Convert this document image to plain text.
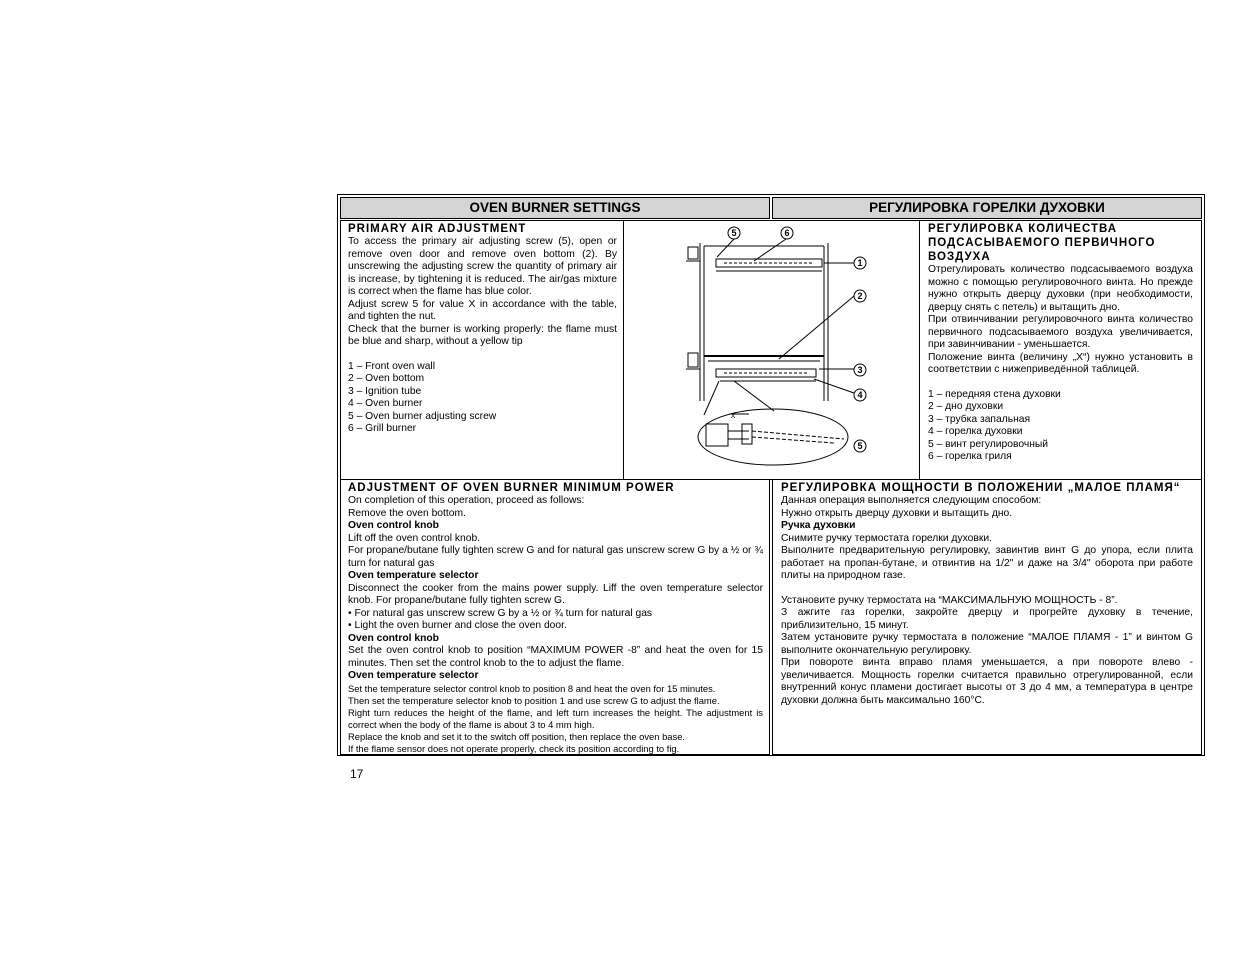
OVEN BURNER SETTINGS	РЕГУЛИРОВКА ГОРЕЛКИ ДУХОВКИ

PRIMARY AIR ADJUSTMENT

To access the primary air adjusting screw (5), open or remove oven door and remove oven bottom (2). By unscrewing the adjusting screw the quantity of primary air is increase, by tightening it is reduced. The air/gas mixture is correct when the flame has blue color.

Adjust screw 5 for value X in accordance with the table, and tighten the nut.

Check that the burner is working properly: the flame must be blue and sharp, without a yellow tip

1 – Front oven wall

2 – Oven bottom

3 – Ignition tube

4 – Oven burner

5 – Oven burner adjusting screw

6 – Grill burner

5	6
1
2
3
4
5
X

РЕГУЛИРОВКА КОЛИЧЕСТВА ПОДСАСЫВАЕМОГО ПЕРВИЧНОГО ВОЗДУХА

Отрегулировать количество подсасываемого воздуха можно с помощью регулировочного винта. Но прежде нужно открыть дверцу духовки (при необходимости, дверцу снять с петель) и вытащить дно.

При отвинчивании регулировочного винта количество первичного подсасываемого воздуха увеличивается, при завинчивании - уменьшается.

Положение винта (величину „X“) нужно установить в соответствии с нижеприведённой таблицей.

1 – передняя стена духовки

2 – дно духовки

3 – трубка запальная

4 – горелка духовки

5 – винт регулировочный

6 – горелка гриля

ADJUSTMENT OF OVEN BURNER MINIMUM POWER

On completion of this operation, proceed as follows:

Remove the oven bottom.

Oven control knob

Lift off the oven control knob.

For propane/butane fully tighten screw G and for natural gas unscrew screw G by a ½ or ¾ turn for natural gas

Oven temperature selector

Disconnect the cooker from the mains power supply. Liff the oven temperature selector knob. For propane/butane fully tighten screw G.

• For natural gas unscrew screw G by a ½ or ¾ turn for natural gas

• Light the oven burner and close the oven door.

Oven control knob

Set the oven control knob to position “MAXIMUM POWER -8” and heat the oven for 15 minutes. Then set the control knob to the to adjust the flame.

Oven temperature selector

Set the temperature selector control knob to position 8 and heat the oven for 15 minutes.

Then set the temperature selector knob to position 1 and use screw G to adjust the flame.

Right turn reduces the height of the flame, and left turn increases the height. The adjustment is correct when the body of the flame is about 3 to 4 mm high.

Replace the knob and set it to the switch off position, then replace the oven base.

If the flame sensor does not operate properly, check its position according to fig.

РЕГУЛИРОВКА МОЩНОСТИ В ПОЛОЖЕНИИ „МАЛОЕ ПЛАМЯ“

Данная операция выполняется следующим способом:

Нужно открыть дверцу духовки и вытащить дно.

Ручка духовки

Снимите ручку термостата горелки духовки.

Выполните предварительную регулировку, завинтив винт G до упора, если плита работает на пропан-бутане, и отвинтив на 1/2" и даже на 3/4" оборота при работе плиты на природном газе.

Установите ручку термостата на “МАКСИМАЛЬНУЮ МОЩНОСТЬ - 8”.

З ажгите газ горелки, закройте дверцу и прогрейте духовку в течение, приблизительно, 15 минут.

Затем установите ручку термостата в положение “МАЛОЕ ПЛАМЯ - 1” и винтом G выполните окончательную регулировку.

При повороте винта вправо пламя уменьшается, а при повороте влево - увеличивается. Мощность горелки считается правильно отрегулированной, если внутренний конус пламени достигает высоты от 3 до 4 мм, а температура в центре духовки должна быть максимально 160°С.

17
